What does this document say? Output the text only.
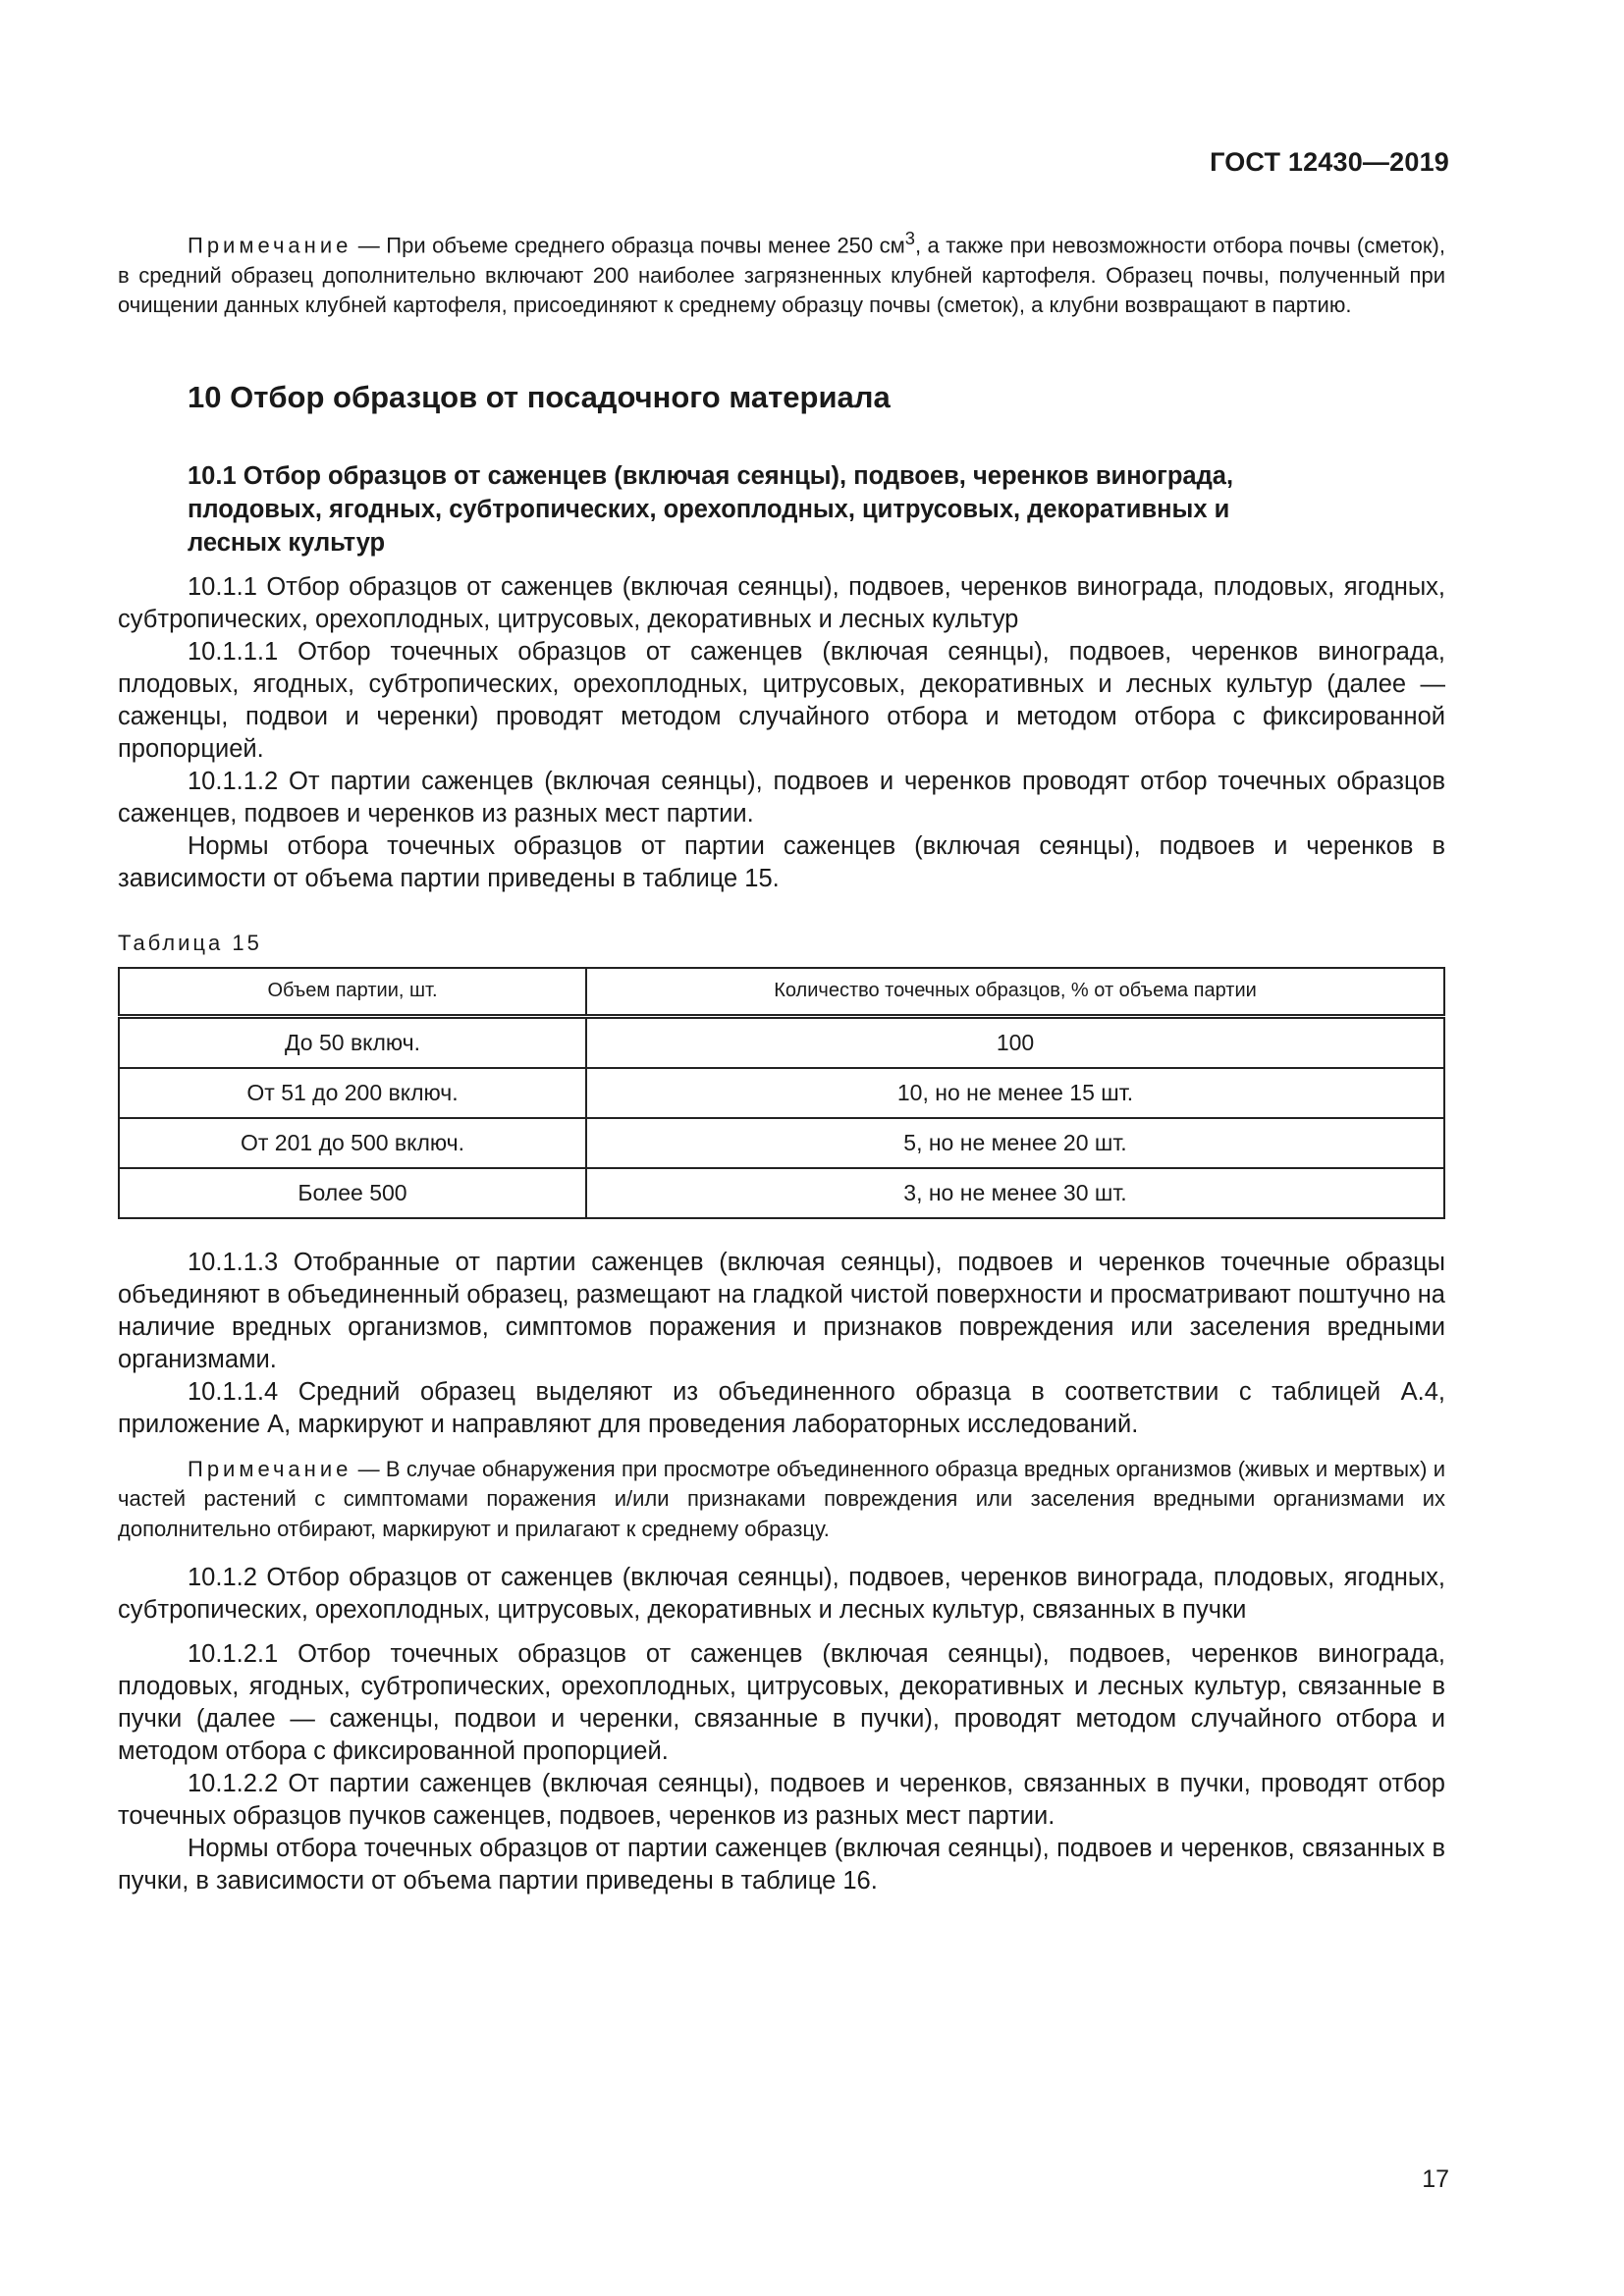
ГОСТ 12430—2019

Примечание — При объеме среднего образца почвы менее 250 $см^3$, а также при невозможности отбора почвы (сметок), в средний образец дополнительно включают 200 наиболее загрязненных клубней картофеля. Образец почвы, полученный при очищении данных клубней картофеля, присоединяют к среднему образцу почвы (сметок), а клубни возвращают в партию.

10 Отбор образцов от посадочного материала
10.1 Отбор образцов от саженцев (включая сеянцы), подвоев, черенков винограда, плодовых, ягодных, субтропических, орехоплодных, цитрусовых, декоративных и лесных культур

10.1.1 Отбор образцов от саженцев (включая сеянцы), подвоев, черенков винограда, плодовых, ягодных, субтропических, орехоплодных, цитрусовых, декоративных и лесных культур

10.1.1.1 Отбор точечных образцов от саженцев (включая сеянцы), подвоев, черенков винограда, плодовых, ягодных, субтропических, орехоплодных, цитрусовых, декоративных и лесных культур (далее — саженцы, подвои и черенки) проводят методом случайного отбора и методом отбора с фиксированной пропорцией.

10.1.1.2 От партии саженцев (включая сеянцы), подвоев и черенков проводят отбор точечных образцов саженцев, подвоев и черенков из разных мест партии.

Нормы отбора точечных образцов от партии саженцев (включая сеянцы), подвоев и черенков в зависимости от объема партии приведены в таблице 15.

Таблица 15
Объем партии, шт.	Количество точечных образцов, % от объема партии
До 50 включ.	100
От 51 до 200 включ.	10, но не менее 15 шт.
От 201 до 500 включ.	5, но не менее 20 шт.
Более 500	3, но не менее 30 шт.

10.1.1.3 Отобранные от партии саженцев (включая сеянцы), подвоев и черенков точечные образцы объединяют в объединенный образец, размещают на гладкой чистой поверхности и просматривают поштучно на наличие вредных организмов, симптомов поражения и признаков повреждения или заселения вредными организмами.

10.1.1.4 Средний образец выделяют из объединенного образца в соответствии с таблицей А.4, приложение А, маркируют и направляют для проведения лабораторных исследований.

Примечание — В случае обнаружения при просмотре объединенного образца вредных организмов (живых и мертвых) и частей растений с симптомами поражения и/или признаками повреждения или заселения вредными организмами их дополнительно отбирают, маркируют и прилагают к среднему образцу.

10.1.2 Отбор образцов от саженцев (включая сеянцы), подвоев, черенков винограда, плодовых, ягодных, субтропических, орехоплодных, цитрусовых, декоративных и лесных культур, связанных в пучки

10.1.2.1 Отбор точечных образцов от саженцев (включая сеянцы), подвоев, черенков винограда, плодовых, ягодных, субтропических, орехоплодных, цитрусовых, декоративных и лесных культур, связанные в пучки (далее — саженцы, подвои и черенки, связанные в пучки), проводят методом случайного отбора и методом отбора с фиксированной пропорцией.

10.1.2.2 От партии саженцев (включая сеянцы), подвоев и черенков, связанных в пучки, проводят отбор точечных образцов пучков саженцев, подвоев, черенков из разных мест партии.

Нормы отбора точечных образцов от партии саженцев (включая сеянцы), подвоев и черенков, связанных в пучки, в зависимости от объема партии приведены в таблице 16.

17
